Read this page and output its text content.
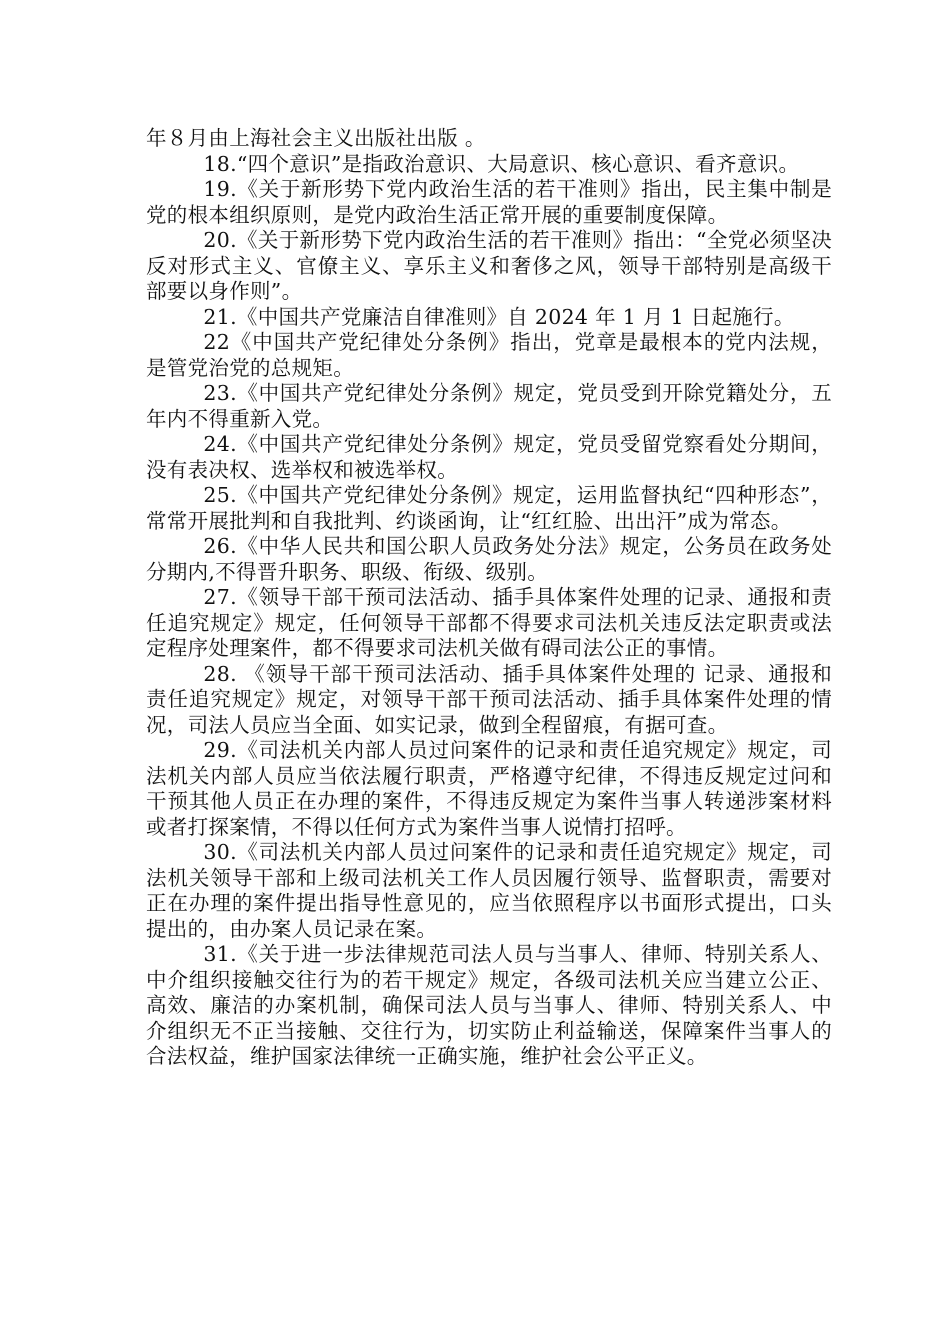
年８月由上海社会主义出版社出版 。

18.“四个意识”是指政治意识、大局意识、核心意识、看齐意识。

19.《关于新形势下党内政治生活的若干准则》指出，民主集中制是党的根本组织原则，是党内政治生活正常开展的重要制度保障。

20.《关于新形势下党内政治生活的若干准则》指出：“全党必须坚决反对形式主义、官僚主义、享乐主义和奢侈之风，领导干部特别是高级干部要以身作则”。

21.《中国共产党廉洁自律准则》自 2024 年 1 月 1 日起施行。

22《中国共产党纪律处分条例》指出，党章是最根本的党内法规，是管党治党的总规矩。

23.《中国共产党纪律处分条例》规定，党员受到开除党籍处分，五年内不得重新入党。

24.《中国共产党纪律处分条例》规定，党员受留党察看处分期间，没有表决权、选举权和被选举权。

25.《中国共产党纪律处分条例》规定，运用监督执纪“四种形态”，常常开展批判和自我批判、约谈函询，让“红红脸、出出汗”成为常态。

26.《中华人民共和国公职人员政务处分法》规定，公务员在政务处分期内,不得晋升职务、职级、衔级、级别。

27.《领导干部干预司法活动、插手具体案件处理的记录、通报和责任追究规定》规定，任何领导干部都不得要求司法机关违反法定职责或法定程序处理案件，都不得要求司法机关做有碍司法公正的事情。

28. 《领导干部干预司法活动、插手具体案件处理的 记录、通报和责任追究规定》规定，对领导干部干预司法活动、插手具体案件处理的情况，司法人员应当全面、如实记录，做到全程留痕，有据可查。

29.《司法机关内部人员过问案件的记录和责任追究规定》规定，司法机关内部人员应当依法履行职责，严格遵守纪律，不得违反规定过问和干预其他人员正在办理的案件，不得违反规定为案件当事人转递涉案材料或者打探案情，不得以任何方式为案件当事人说情打招呼。

30.《司法机关内部人员过问案件的记录和责任追究规定》规定，司法机关领导干部和上级司法机关工作人员因履行领导、监督职责，需要对正在办理的案件提出指导性意见的，应当依照程序以书面形式提出，口头提出的，由办案人员记录在案。

31.《关于进一步法律规范司法人员与当事人、律师、特别关系人、中介组织接触交往行为的若干规定》规定，各级司法机关应当建立公正、高效、廉洁的办案机制，确保司法人员与当事人、律师、特别关系人、中介组织无不正当接触、交往行为，切实防止利益输送，保障案件当事人的合法权益，维护国家法律统一正确实施，维护社会公平正义。
